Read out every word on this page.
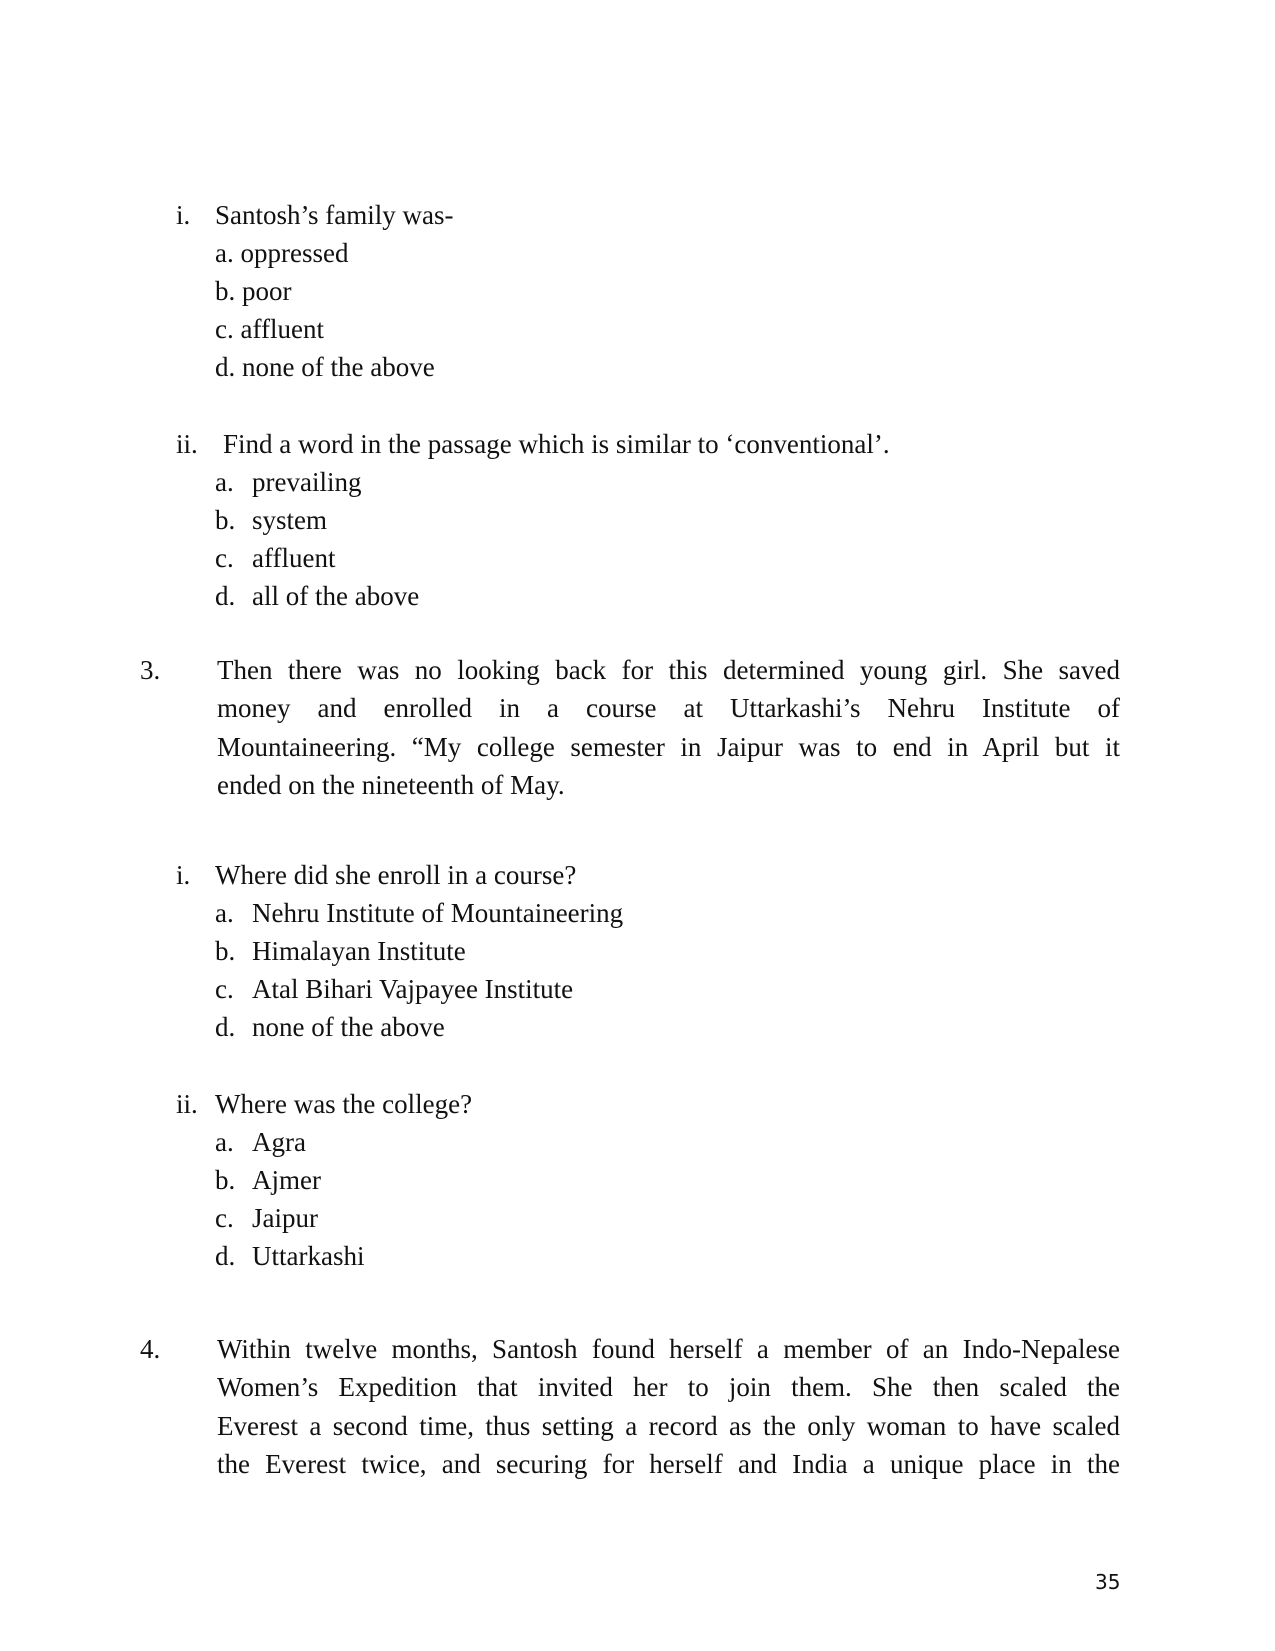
i. Santosh’s family was-
a. oppressed
b. poor
c. affluent
d. none of the above
ii. Find a word in the passage which is similar to ‘conventional’.
a. prevailing
b. system
c. affluent
d. all of the above
3. Then there was no looking back for this determined young girl. She saved
money and enrolled in a course at Uttarkashi’s Nehru Institute of
Mountaineering. “My college semester in Jaipur was to end in April but it
ended on the nineteenth of May.
i. Where did she enroll in a course?
a. Nehru Institute of Mountaineering
b. Himalayan Institute
c. Atal Bihari Vajpayee Institute
d. none of the above
ii. Where was the college?
a. Agra
b. Ajmer
c. Jaipur
d. Uttarkashi
4. Within twelve months, Santosh found herself a member of an Indo-Nepalese
Women’s Expedition that invited her to join them. She then scaled the
Everest a second time, thus setting a record as the only woman to have scaled
the Everest twice, and securing for herself and India a unique place in the
35
